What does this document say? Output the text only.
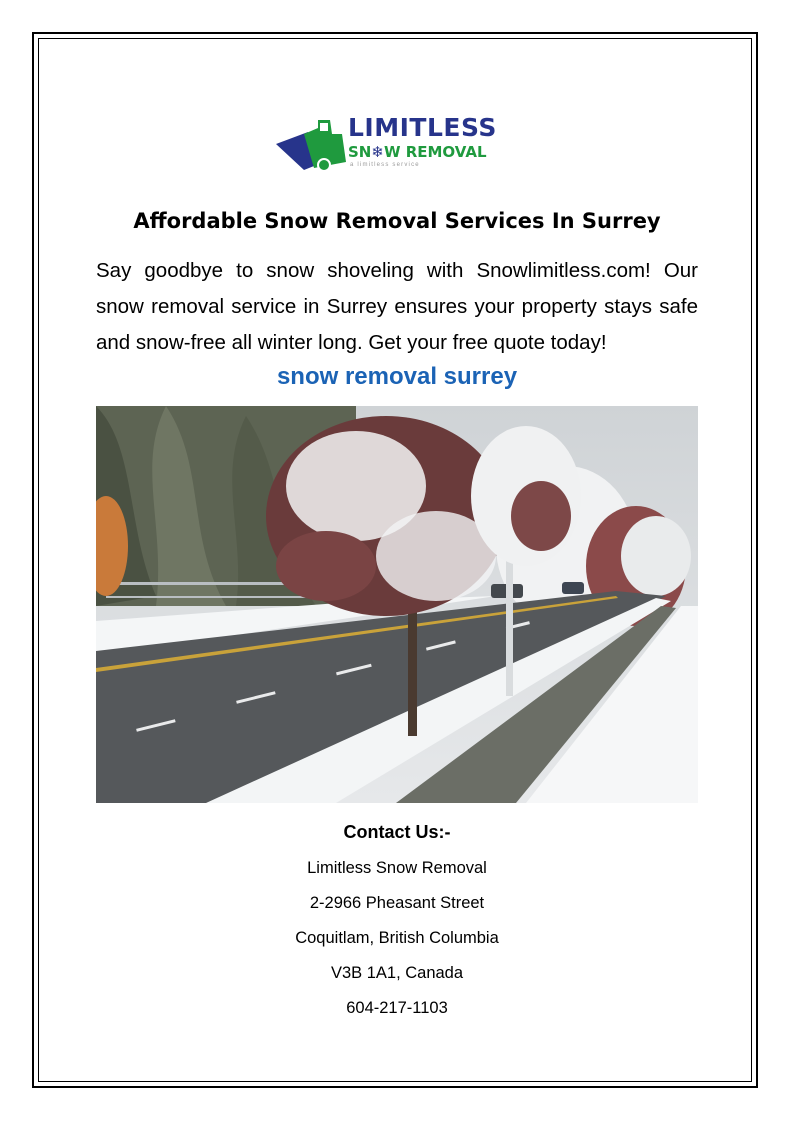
LIMITLESS
SN❄W REMOVAL
a limitless service
Affordable Snow Removal Services In Surrey

Say goodbye to snow shoveling with Snowlimitless.com! Our snow removal service in Surrey ensures your property stays safe and snow-free all winter long. Get your free quote today!

snow removal surrey
Contact Us:-
Limitless Snow Removal
2-2966 Pheasant Street
Coquitlam, British Columbia
V3B 1A1, Canada
604-217-1103
